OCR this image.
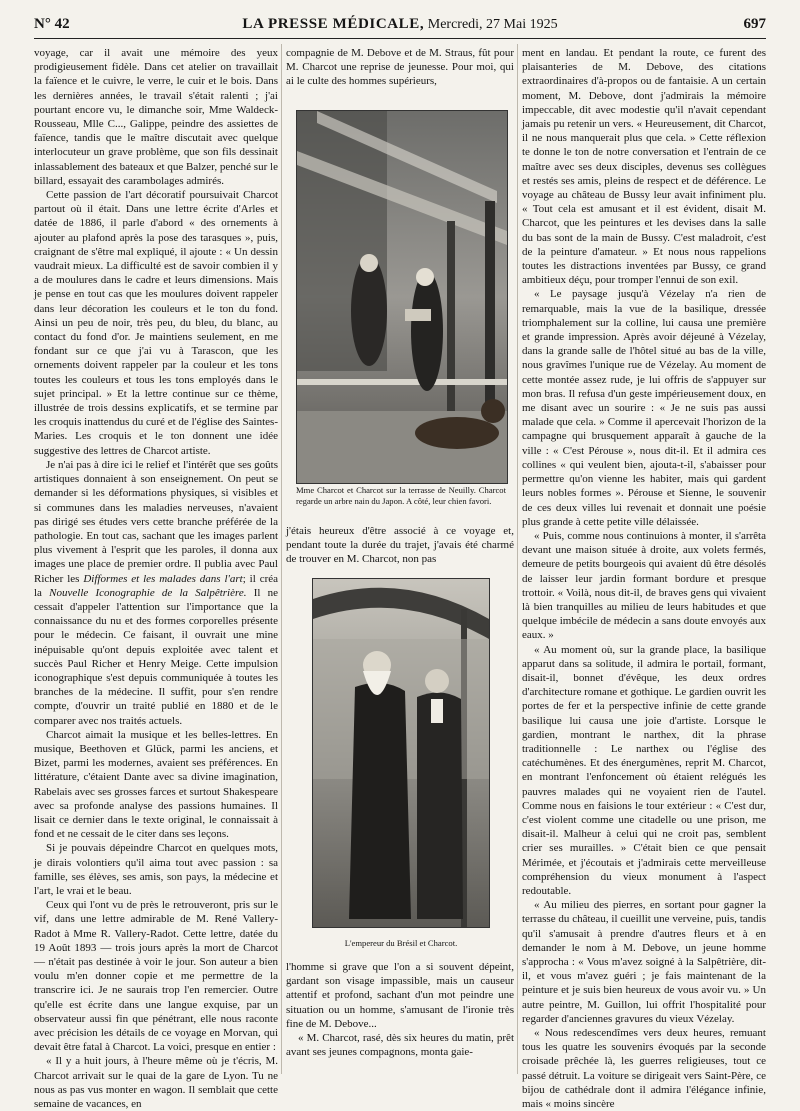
N° 42	LA PRESSE MÉDICALE, Mercredi, 27 Mai 1925	697

voyage, car il avait une mémoire des yeux prodigieusement fidèle. Dans cet atelier on travaillait la faïence et le cuivre, le verre, le cuir et le bois. Dans les dernières années, le travail s'était ralenti ; j'ai pourtant encore vu, le dimanche soir, Mme Waldeck-Rousseau, Mlle C..., Galippe, peindre des assiettes de faïence, tandis que le maître discutait avec quelque interlocuteur un grave problème, que son fils dessinait inlassablement des bateaux et que Balzer, penché sur le billard, essayait des carambolages admirés.

Cette passion de l'art décoratif poursuivait Charcot partout où il était. Dans une lettre écrite d'Arles et datée de 1886, il parle d'abord « des ornements à ajouter au plafond après la pose des tarasques », puis, craignant de s'être mal expliqué, il ajoute : « Un dessin vaudrait mieux. La difficulté est de savoir combien il y a de moulures dans le cadre et leurs dimensions. Mais je pense en tout cas que les moulures doivent rappeler dans leur décoration les couleurs et le ton du fond. Ainsi un peu de noir, très peu, du bleu, du blanc, au contact du fond d'or. Je maintiens seulement, en me fondant sur ce que j'ai vu à Tarascon, que les ornements doivent rappeler par la couleur et les tons toutes les couleurs et tous les tons employés dans le sujet principal. » Et la lettre continue sur ce thème, illustrée de trois dessins explicatifs, et se termine par les croquis inattendus du curé et de l'église des Saintes-Maries. Les croquis et le ton donnent une idée suggestive des lettres de Charcot artiste.

Je n'ai pas à dire ici le relief et l'intérêt que ses goûts artistiques donnaient à son enseignement. On peut se demander si les déformations physiques, si visibles et si communes dans les maladies nerveuses, n'avaient pas dirigé ses études vers cette branche préférée de la pathologie. En tout cas, sachant que les images parlent plus vivement à l'esprit que les paroles, il donna aux images une place de premier ordre. Il publia avec Paul Richer les Difformes et les malades dans l'art; il créa la Nouvelle Iconographie de la Salpêtrière. Il ne cessait d'appeler l'attention sur l'importance que la connaissance du nu et des formes corporelles présente pour le médecin. Ce faisant, il ouvrait une mine inépuisable qu'ont depuis exploitée avec talent et succès Paul Richer et Henry Meige. Cette impulsion iconographique s'est depuis communiquée à toutes les branches de la médecine. Il suffit, pour s'en rendre compte, d'ouvrir un traité publié en 1880 et de le comparer avec nos traités actuels.

Charcot aimait la musique et les belles-lettres. En musique, Beethoven et Glück, parmi les anciens, et Bizet, parmi les modernes, avaient ses préférences. En littérature, c'étaient Dante avec sa divine imagination, Rabelais avec ses grosses farces et surtout Shakespeare avec sa profonde analyse des passions humaines. Il lisait ce dernier dans le texte original, le connaissait à fond et ne cessait de le citer dans ses leçons.

Si je pouvais dépeindre Charcot en quelques mots, je dirais volontiers qu'il aima tout avec passion : sa famille, ses élèves, ses amis, son pays, la médecine et l'art, le vrai et le beau.

Ceux qui l'ont vu de près le retrouveront, pris sur le vif, dans une lettre admirable de M. René Vallery-Radot à Mme R. Vallery-Radot. Cette lettre, datée du 19 Août 1893 — trois jours après la mort de Charcot — n'était pas destinée à voir le jour. Son auteur a bien voulu m'en donner copie et me permettre de la transcrire ici. Je ne saurais trop l'en remercier. Outre qu'elle est écrite dans une langue exquise, par un observateur aussi fin que pénétrant, elle nous raconte avec précision les détails de ce voyage en Morvan, qui devait être fatal à Charcot. La voici, presque en entier :

« Il y a huit jours, à l'heure même où je t'écris, M. Charcot arrivait sur le quai de la gare de Lyon. Tu ne nous as pas vus monter en wagon. Il semblait que cette semaine de vacances, en

compagnie de M. Debove et de M. Straus, fût pour M. Charcot une reprise de jeunesse. Pour moi, qui ai le culte des hommes supérieurs,

Mme Charcot et Charcot sur la terrasse de Neuilly. Charcot regarde un arbre nain du Japon. A côté, leur chien favori.

j'étais heureux d'être associé à ce voyage et, pendant toute la durée du trajet, j'avais été charmé de trouver en M. Charcot, non pas

L'empereur du Brésil et Charcot.

l'homme si grave que l'on a si souvent dépeint, gardant son visage impassible, mais un causeur attentif et profond, sachant d'un mot peindre une situation ou un homme, s'amusant de l'ironie très fine de M. Debove...

« M. Charcot, rasé, dès six heures du matin, prêt avant ses jeunes compagnons, monta gaie-

ment en landau. Et pendant la route, ce furent des plaisanteries de M. Debove, des citations extraordinaires d'à-propos ou de fantaisie. A un certain moment, M. Debove, dont j'admirais la mémoire impeccable, dit avec modestie qu'il n'avait cependant jamais pu retenir un vers. « Heureusement, dit Charcot, il ne nous manquerait plus que cela. » Cette réflexion te donne le ton de notre conversation et l'entrain de ce maître avec ses deux disciples, devenus ses collègues et restés ses amis, pleins de respect et de déférence. Le voyage au château de Bussy leur avait infiniment plu. « Tout cela est amusant et il est évident, disait M. Charcot, que les peintures et les devises dans la salle du bas sont de la main de Bussy. C'est maladroit, c'est de la peinture d'amateur. » Et nous nous rappelions toutes les distractions inventées par Bussy, ce grand ambitieux déçu, pour tromper l'ennui de son exil.

« Le paysage jusqu'à Vézelay n'a rien de remarquable, mais la vue de la basilique, dressée triomphalement sur la colline, lui causa une première et grande impression. Après avoir déjeuné à Vézelay, dans la grande salle de l'hôtel situé au bas de la ville, nous gravîmes l'unique rue de Vézelay. Au moment de cette montée assez rude, je lui offris de s'appuyer sur mon bras. Il refusa d'un geste impérieusement doux, en me disant avec un sourire : « Je ne suis pas aussi malade que cela. » Comme il apercevait l'horizon de la campagne qui brusquement apparaît à gauche de la ville : « C'est Pérouse », nous dit-il. Et il admira ces collines « qui veulent bien, ajouta-t-il, s'abaisser pour permettre qu'on vienne les habiter, mais qui gardent leurs nobles formes ». Pérouse et Sienne, le souvenir de ces deux villes lui revenait et donnait une poésie plus grande à cette petite ville délaissée.

« Puis, comme nous continuions à monter, il s'arrêta devant une maison située à droite, aux volets fermés, demeure de petits bourgeois qui avaient dû être désolés de laisser leur jardin formant bordure et presque trottoir. « Voilà, nous dit-il, de braves gens qui vivaient là bien tranquilles au milieu de leurs habitudes et que quelque imbécile de médecin a sans doute envoyés aux eaux. »

« Au moment où, sur la grande place, la basilique apparut dans sa solitude, il admira le portail, formant, disait-il, bonnet d'évêque, les deux ordres d'architecture romane et gothique. Le gardien ouvrit les portes de fer et la perspective infinie de cette grande basilique lui causa une joie d'artiste. Lorsque le gardien, montrant le narthex, dit la phrase traditionnelle : Le narthex ou l'église des catéchumènes. Et des énergumènes, reprit M. Charcot, en montrant l'enfoncement où étaient relégués les pauvres malades qui ne voyaient rien de l'autel. Comme nous en faisions le tour extérieur : « C'est dur, c'est violent comme une citadelle ou une prison, me disait-il. Malheur à celui qui ne croit pas, semblent crier ses murailles. » C'était bien ce que pensait Mérimée, et j'écoutais et j'admirais cette merveilleuse compréhension du vieux monument à l'aspect redoutable.

« Au milieu des pierres, en sortant pour gagner la terrasse du château, il cueillit une verveine, puis, tandis qu'il s'amusait à prendre d'autres fleurs et à en demander le nom à M. Debove, un jeune homme s'approcha : « Vous m'avez soigné à la Salpêtrière, dit-il, et vous m'avez guéri ; je fais maintenant de la peinture et je suis bien heureux de vous avoir vu. » Un autre peintre, M. Guillon, lui offrit l'hospitalité pour regarder d'anciennes gravures du vieux Vézelay.

« Nous redescendîmes vers deux heures, remuant tous les quatre les souvenirs évoqués par la seconde croisade prêchée là, les guerres religieuses, tout ce passé détruit. La voiture se dirigeait vers Saint-Père, ce bijou de cathédrale dont il admira l'élégance infinie, mais « moins sincère
